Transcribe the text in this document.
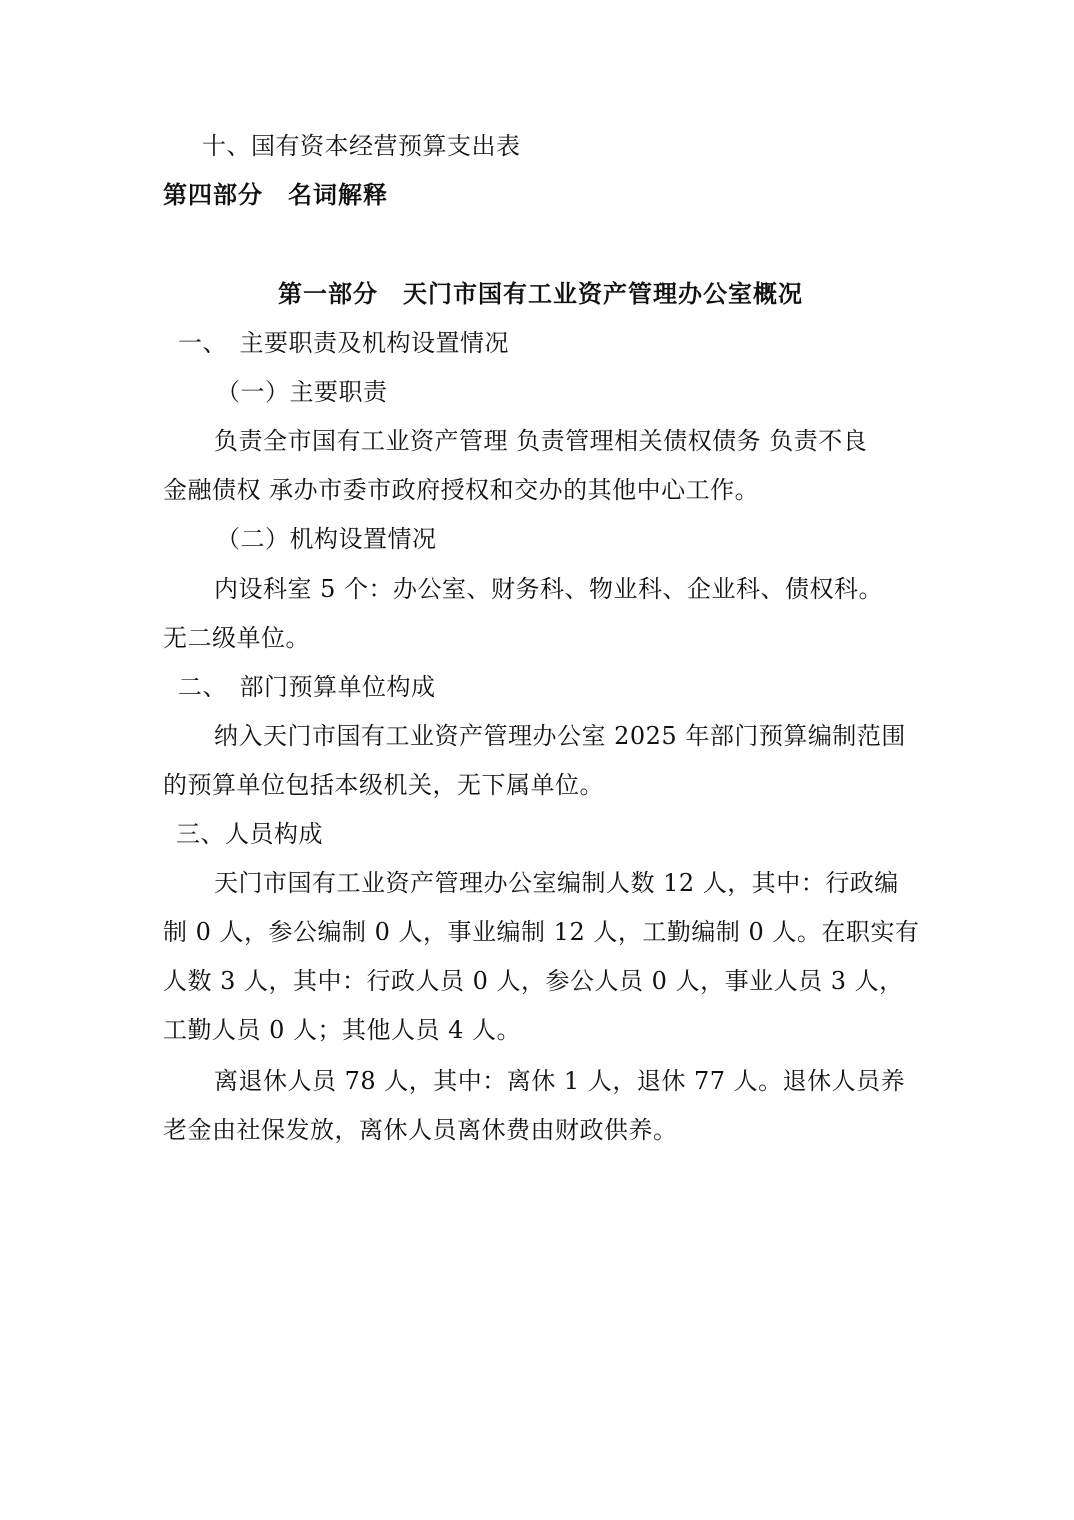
十、国有资本经营预算支出表
第四部分　名词解释
第一部分　天门市国有工业资产管理办公室概况
一、　主要职责及机构设置情况
（一）主要职责
负责全市国有工业资产管理 负责管理相关债权债务 负责不良
金融债权 承办市委市政府授权和交办的其他中心工作。
（二）机构设置情况
内设科室 5 个：办公室、财务科、物业科、企业科、债权科。
无二级单位。
二、　部门预算单位构成
纳入天门市国有工业资产管理办公室 2025 年部门预算编制范围
的预算单位包括本级机关，无下属单位。
三、人员构成
天门市国有工业资产管理办公室编制人数 12 人，其中：行政编
制 0 人，参公编制 0 人，事业编制 12 人，工勤编制 0 人。在职实有
人数 3 人，其中：行政人员 0 人，参公人员 0 人，事业人员 3 人，
工勤人员 0 人；其他人员 4 人。
离退休人员 78 人，其中：离休 1 人，退休 77 人。退休人员养
老金由社保发放，离休人员离休费由财政供养。
